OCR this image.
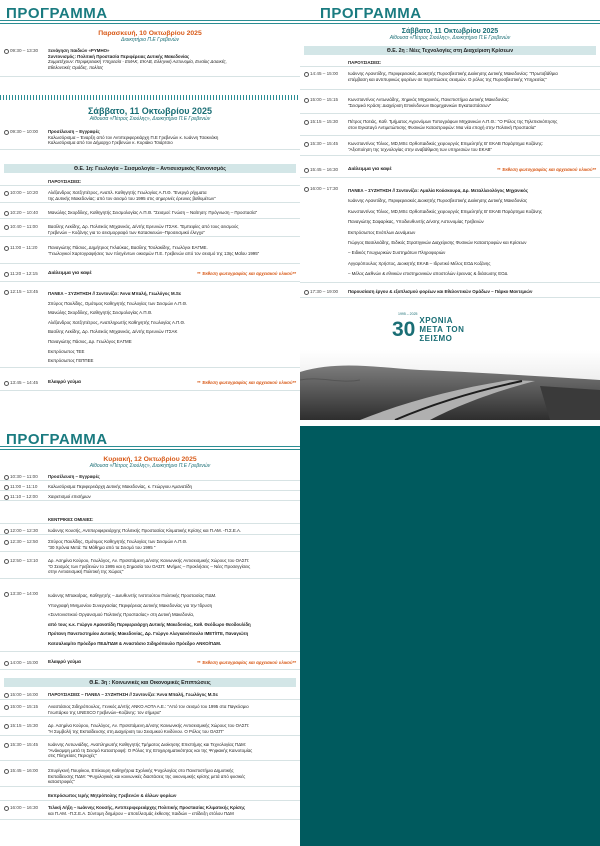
ΠΡΟΓΡΑΜΜΑ
Παρασκευή, 10 Οκτωβρίου 2025
Διοικητήριο Π.Ε Γρεβενών
09:30 – 13:30	Ξενάγηση παιδιών «ΡΥΜΗΟ»
Συντονισμός: Πολιτική Προστασία Περιφέρειας Δυτικής Μακεδονίας
Συμμετέχουν: Περιφερειακή Υπηρεσία - ΕΜΑΚ, ΕΚΑΒ, Ελληνική Αστυνομία, Ενιαίος Δασικές,
Εθελοντικές Ομάδες, πολίτες
Σάββατο, 11 Οκτωβρίου 2025
Αίθουσα «Πέτρος Σιούλης», Διοικητήριο Π.Ε Γρεβενών
09:30 – 10:00	Προσέλευση – Εγγραφές
Καλωσόρισμα – Έναρξη από τον Αντιπεριφερειάρχη Π.Ε Γρεβενών κ. Ιωάννη Τσακνάκη
Καλωσόρισμα από τον Δήμαρχο Γρεβενών κ. Κυριάκο Τσιάρτσιο
Θ.Ε. 1η: Γεωλογία – Σεισμολογία – Αντισεισμικός Κανονισμός
ΠΑΡΟΥΣΙΑΣΕΙΣ:
10:00 – 10:20	Αλέξανδρος Χατζηπέτρος, Αναπλ. Καθηγητής Γεωλογίας Α.Π.Θ. "Ενεργά ρήγματα
της Δυτικής Μακεδονίας: από τον σεισμό του 1995 στις σημερινές έρευνες βαθυμέτων"
10:20 – 10:40	Μανώλης Σκορδίλης, Καθηγητής Σεισμολογίας Α.Π.Θ. "Σεισμοί: Γνώση – Ναίτηση: Πρόγνωση – Προστασία"
10:40 – 11:00	Βασίλης Λεκίδης, Δρ. Πολιτικός Μηχανικός, Δ/ντής Ερευνών ΙΤΣΑΚ. "Εμπειρίες από τους σεισμούς
Γρεβενών – Κοζάνης για το σεισμορραφό των Κατασκευών–Προσεισμικό έλεγχο"
11:00 – 11:20	Παναγιώτης Πάσιος, Δημήτριος Γκλαύκας, Βασίλης Τσολακίδης, Γεωλόγοι ΕΑΓΜΕ.
"Γεωλογικοί Χαρτογραφήσεις των πληγέντων οικισμών Π.Ε. Γρεβενών από τον σεισμό της 13ης Μαΐου 1995"
11:20 – 12:15	Διάλειμμα για καφέ	** Έκθεση φωτογραφίας και αρχειακού υλικού**
12:15 – 13:45	ΠΑΝΕΛ – ΣΥΖΗΤΗΣΗ // Συντονίζει: Άννα Μπαλή, Γεωλόγος Μ.Sc
Σπύρος Παυλίδης, Ομότιμος Καθηγητής Γεωλογίας των Σεισμών Α.Π.Θ.
Μανώλης Σκορδίλης, Καθηγητής Σεισμολογίας Α.Π.Θ.
Αλέξανδρος Χατζηπέτρος, Αναπληρωτής Καθηγητής Γεωλογίας Α.Π.Θ.
Βασίλης Λεκίδης, Δρ. Πολιτικός Μηχανικός, Δ/ντής Ερευνών ΙΤΣΑΚ
Παναγιώτης Πάσιος, Δρ. Γεωλόγος ΕΑΓΜΕ
Εκπρόσωπος ΤΕΕ
Εκπρόσωπος ΓΕΠΠΕΕ
13:45 – 14:45	Ελαφρύ γεύμα	** Έκθεση φωτογραφίας και αρχειακού υλικού**
ΠΡΟΓΡΑΜΜΑ
Σάββατο, 11 Οκτωβρίου 2025
Αίθουσα «Πέτρος Σιούλης», Διοικητήριο Π.Ε Γρεβενών
Θ.Ε. 2η : Νέες Τεχνολογίες στη Διαχείριση Κρίσεων
ΠΑΡΟΥΣΙΑΣΕΙΣ:
14:45 – 15:00	Ιωάννης Αρανιτίδης, Περιφερειακός Διοικητής Πυροσβεστικής Διοίκησης Δυτικής Μακεδονίας: "Πρωτοβάθμια
επέμβαση και αντιπυρικώς φορέων σε περιπτώσεις σεισμών. Ο ρόλος της Πυροσβεστικής Υπηρεσίας"
15:00 – 15:15	Κωνσταντίνος Αντωνιάδης, Χημικός Μηχανικός, Πανεπιστήμιο Δυτικής Μακεδονίας:
"Σεισμικό Κράση: Διαχείριση Επικίνδυνων Βιομηχανικών Εγκαταστάσεων"
15:15 – 15:30	Πέτρος Πατιάς, Καθ. Τμήματος Αγρονόμων Τοπογράφων Μηχανικών Α.Π.Θ.: "Ο Ρόλος της Τηλεπισκόπησης
στον Εγκαταγό Αντιμετώπισης Φυσικών Καταστροφών: Μια νέα εποχή στην Πολιτική Προστασία"
15:30 – 15:45	Κωνσταντίνος Τόλιος, MD,MSc Ορθοπαιδικός χειρουργός Επιμελητής Β' ΕΚΑΒ Παράρτημα Κοζάνης:
"Αξιοποίηση της τεχνολογίας στην αναβάθμιση των υπηρεσιών του ΕΚΑΒ"
15:45 – 16:30	Διάλειμμα για καφέ	** Έκθεση φωτογραφίας και αρχειακού υλικού**
16:00 – 17:30	ΠΑΝΕΛ – ΣΥΖΗΤΗΣΗ // Συντονίζει: Αμαλία Κούσκουρα, Δρ. Μεταλλειολόγος Μηχανικός
Ιωάννης Αρανιτίδης, Περιφερειακός Διοικητής Πυροσβεστικής Διοίκησης Δυτικής Μακεδονίας
Κωνσταντίνος Τόλιος, MD,MSc Ορθοπαιδικός χειρουργός Επιμελητής Β' ΕΚΑΒ Παράρτημα Κοζάνης
Παναγιώτης Σαφαρίκας, Υποδιευθυντής Δ/νσης Αστυνομίας Γρεβενών
Εκπρόσωπος Ενόπλων Δυνάμεων
Γιώργος Βασιλειάδης, Ειδικός Στρατηγικών Διαχείρισης Φυσικών Καταστροφών και Κρίσεων
– Ειδικός Γεωχωρικών Συστημάτων Πληροφοριών
Αγγαρόπουλος Χρήστος, Διοικητής ΕΚΑΒ – Ιδρυτικό Μέλος ΕΟΔ Κοζάνης
– Μέλος Διεθνών & εθνικών επιστημονικών αποστολών έρευνας & διάσωσης ΕΟΔ
17:30 – 19:00	Παρουσίαση έργου & εξοπλισμού φορέων και Εθελοντικών Ομάδων – Πάρκο Μαντεμιών
1995 – 2025
30 ΧΡΟΝΙΑ
ΜΕΤΑ ΤΟΝ
ΣΕΙΣΜΟ
ΠΡΟΓΡΑΜΜΑ
Κυριακή, 12 Οκτωβρίου 2025
Αίθουσα «Πέτρος Σιούλης», Διοικητήριο Π.Ε Γρεβενών
10:30 – 11:00	Προσέλευση – Εγγραφές
11:00 – 11:10	Καλωσόρισμα Περιφερειάρχη Δυτικής Μακεδονίας, κ. Γεώργιου Αμανατίδη
11:10 – 12:00	Χαιρετισμοί επισήμων
ΚΕΝΤΡΙΚΕΣ ΟΜΙΛΙΕΣ:
12:00 – 12:30	Ιωάννης Κουσής, Αντιπεριφερειάρχης Πολιτικής Προστασίας Κλιματικής Κρίσης και Π.ΑΜ. -Π.Σ.Ε.Α.
12:30 – 12:50	Σπύρος Παυλίδης, Ομότιμος Καθηγητής Γεωλογίας των Σεισμών Α.Π.Θ.
"30 Χρόνια Μετά: Τα Μάθημα από τα Σεισμό του 1995 "
12:50 – 13:10	Δρ. Ασημίνα Κούρου, Γεωλόγος, Αν. Προϊστάμενη Δ/νσης Καινωνικής Αντισεισμικής Χώρους του ΟΑΣΠ:
"Ο Σεισμός των Γρεβενών το 1995 και η Σημασία του ΟΑΣΠ: Μνήμες – Προκλήσεις – Νέες Προσεγγίσεις
στην Αντισεισμική Πολιτική της Χώρας"
13:30 – 14:00	Ιωάννης Μπακοΐρας, Καθηγητής – Διευθυντής Ινστιτούτου Πολιτικής Προστασίας ΠΔΜ.
Υπογραφή Μνημονίου Συνεργασίας Περιφέρειας Δυτικής Μακεδονίας για την Ίδρυση
«Συντονιστικού Οργανισμού Πολιτικής Προστασίας» στη Δυτική Μακεδονία,
από τους κ.κ. Γιώργο Αμανατίδη Περιφερειάρχη Δυτικής Μακεδονίας, Καθ. Θεόδωρο Θεοδουλίδη
Πρύτανη Πανεπιστημίου Δυτικής Μακεδονίας, Δρ. Γιώργο Αλεγκανόπουλο ΙΜΕΤ/ΙΤΕ, Παναγιώτη
Κατσαλιαμίτο Πρόεδρο ΠΕΔ/ΠΔΜ & Αναστάσιο Σιδηρόπουλο Πρόεδρο ΑΝΚΟ/ΠΔΜ.
14:00 – 15:00	Ελαφρύ γεύμα	** Έκθεση φωτογραφίας και αρχειακού υλικού**
Θ.Ε. 3η : Κοινωνικές και Οικονομικές Επιπτώσεις
15:00 – 16:00	ΠΑΡΟΥΣΙΑΣΕΙΣ – ΠΑΝΕΛ – ΣΥΖΗΤΗΣΗ // Συντονίζει: Άννα Μπαλή, Γεωλόγος Μ.Sc
15:00 – 15:15	Αναστάσιος Σιδηρόπουλος, Γενικός Δ/ντής ΑΝΚΟ ΑΟΤΑ Α.Ε.: "Από τον σεισμό του 1995 στα Παγκόσμιο
Γεωπάρκο της UNESCO Γρεβενών–Κοζάνης: τον σήμερα"
15:15 – 15:30	Δρ. Ασημίνα Κούρου, Γεωλόγος, Αν. Προϊστάμενη Δ/νσης Καινωνικής Αντισεισμικής Χώρους του ΟΑΣΠ:
"Η Συμβολή της Εκπαίδευσης στη Διαχείριση του Σεισμικού Κινδύνου. Ο Ρόλος του ΟΑΣΠ"
15:30 – 15:45	Ιωάννης Λυτωνιάδης, Αναπληρωτής Καθηγητής Τμήματος Διοίκησης Επιστήμης και Τεχνολογίας ΠΔΜ:
"Ανάκαμψη μετά τη Σεισμό Καταστροφή: Ο Ρόλος της Επιχειρηματικότητας και της Ψηφιακής Καινοτομίας
στις Πληγείσες Περιοχές"
15:45 – 16:00	Σπυρίγκινή Πουρίκου, Επίκουρη Καθηγήτρια Σχολικής Ψυχολογίας στο Πανεπιστήμιο Δημοτικής
Εκπαίδευσης ΠΔΜ: "Ψυχολογικές και κοινωνικές διαστάσεις της οικονομικής κρίσης μετά από φυσικές
καταστροφές"
Εκπρόσωπος Ιερής Μητρόπολης Γρεβενών & άλλων φορέων
16:00 – 16:30	Τελική Λήξη – Ιωάννης Κουσής, Αντιπεριφερειάρχης Πολιτικής Προστασίας Κλιματικής Κρίσης
και Π.ΑΜ. -Π.Σ.Ε.Α. Σύντομη διημέρου – αποτέλεσμάς έκθεσης παιδιών – επίδειξη στόλου ΠΔΜ
